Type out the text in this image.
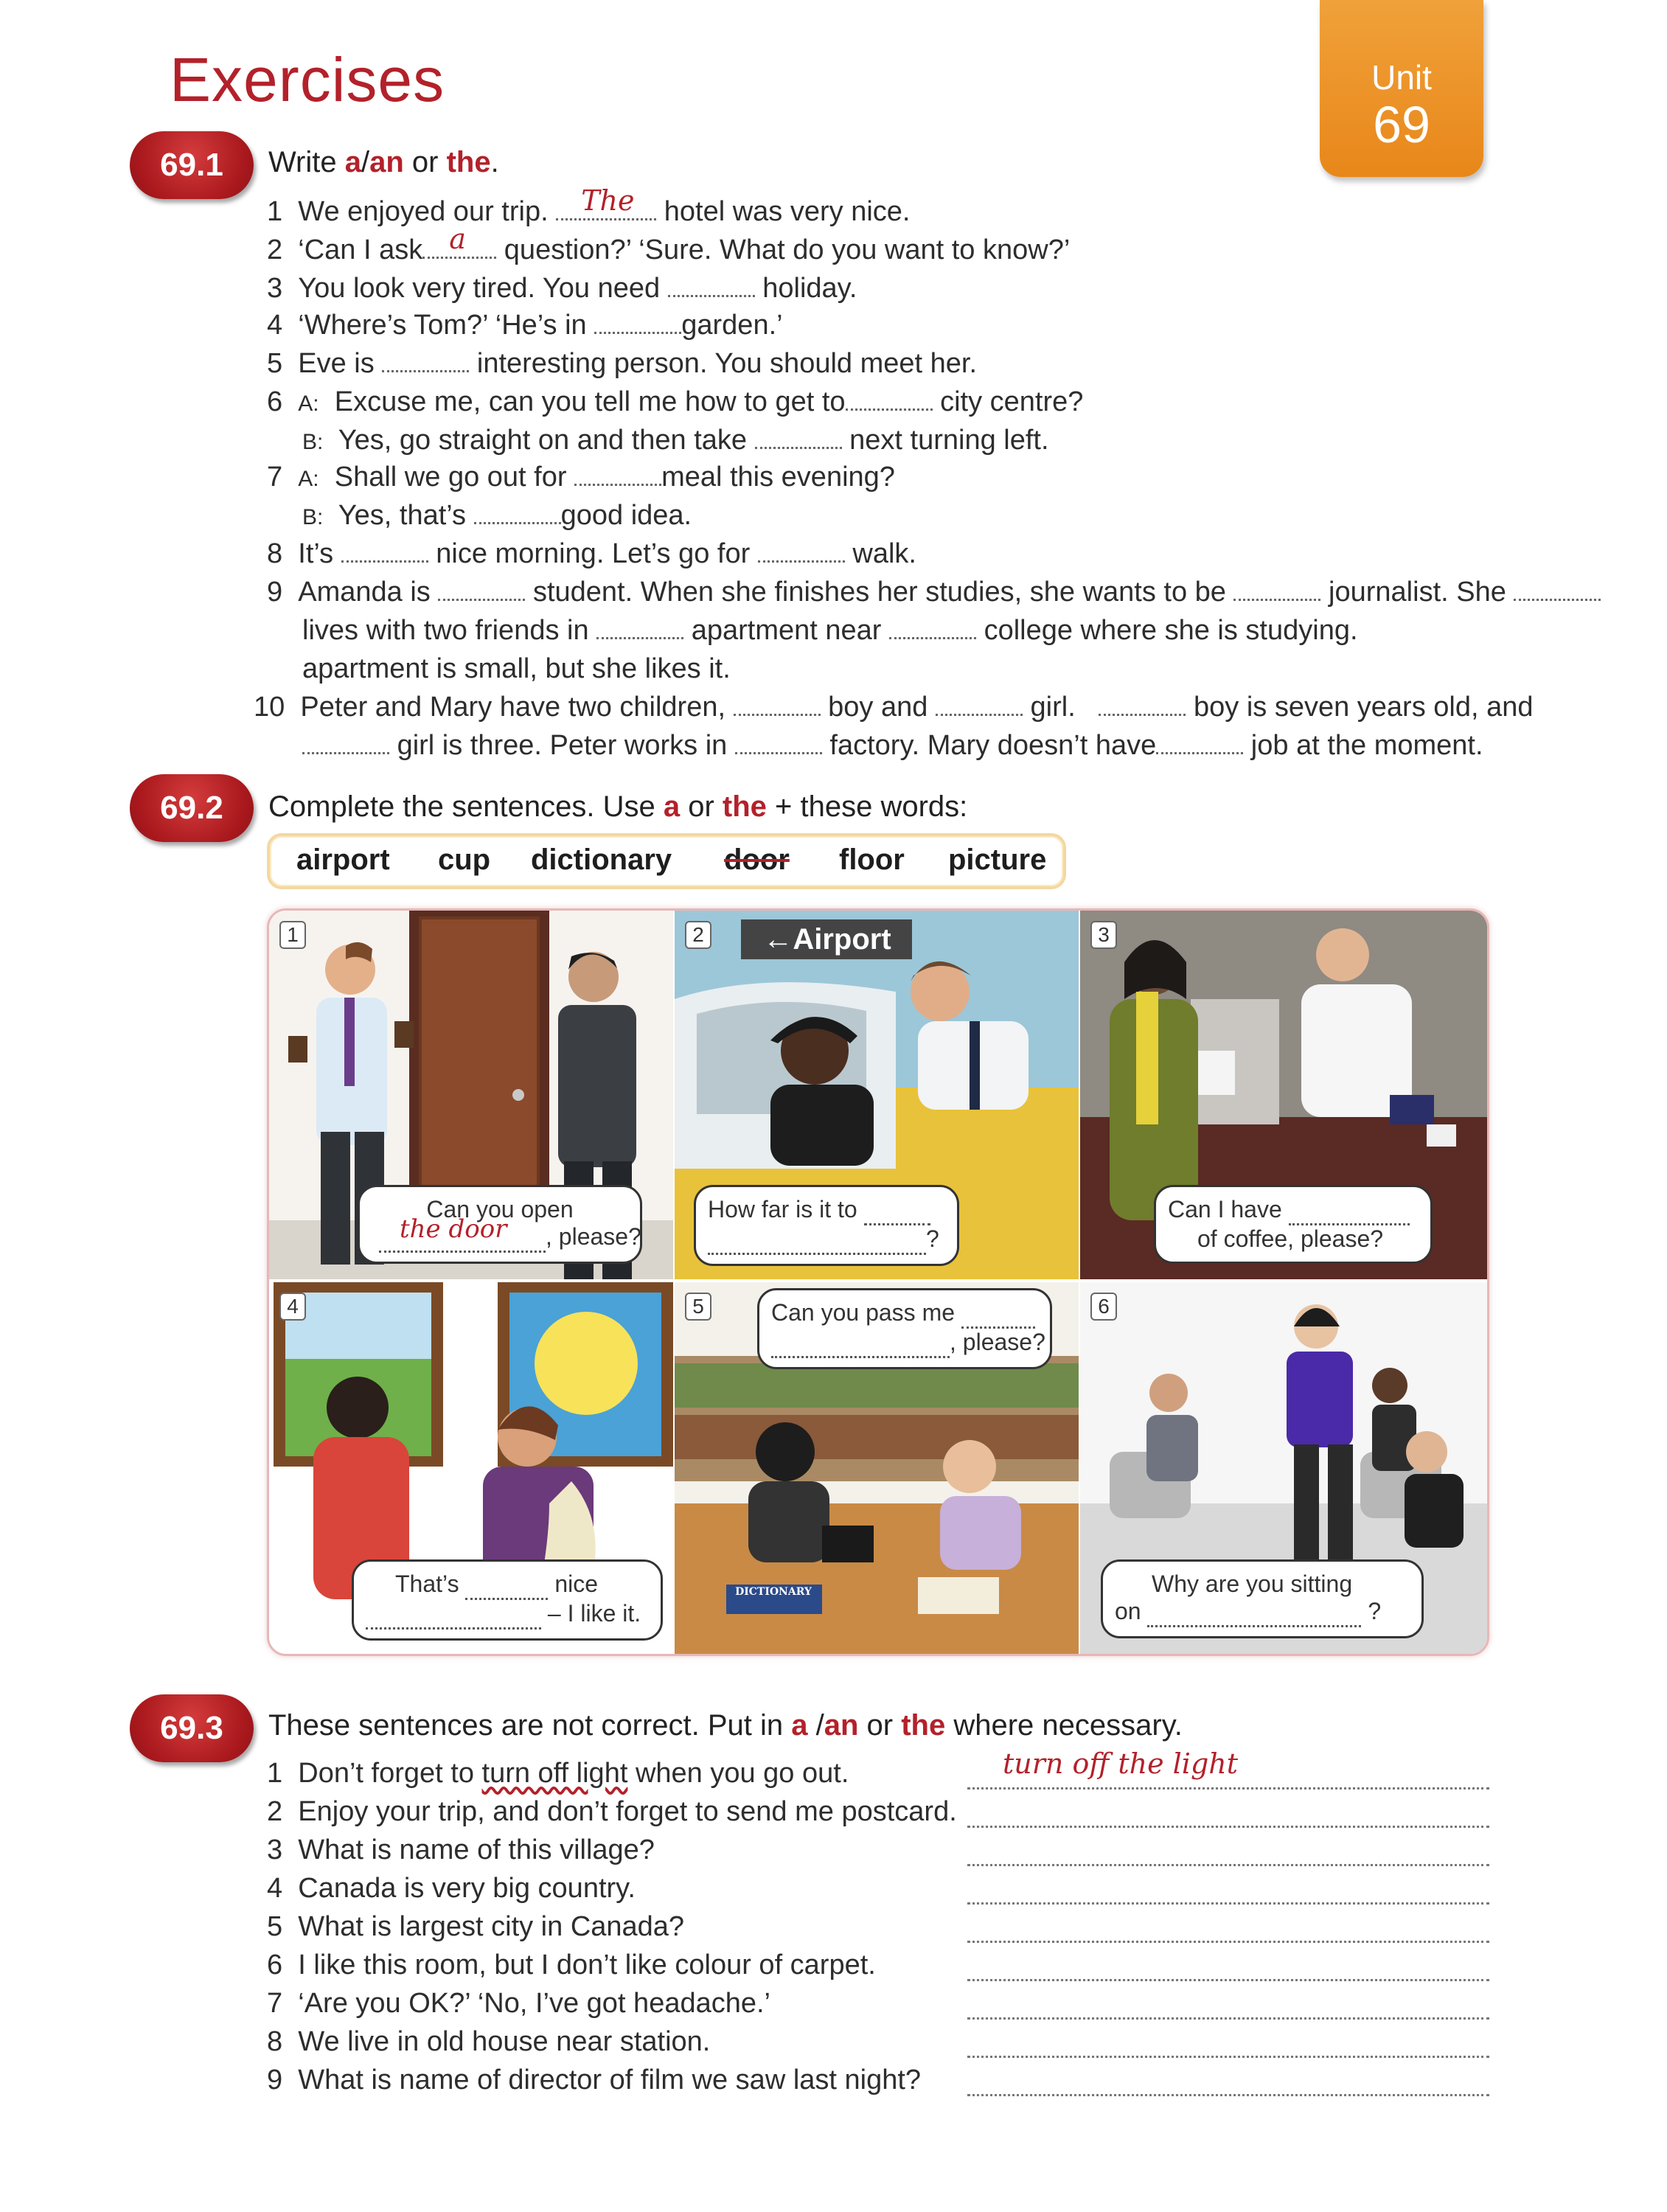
Exercises	Unit
69
69.1	Write a/an or the.
1 We enjoyed our trip. The hotel was very nice.
2 ‘Can I ask a question?’ ‘Sure. What do you want to know?’
3 You look very tired. You need	holiday.
4 ‘Where’s Tom?’ ‘He’s in	garden.’
5 Eve is	interesting person. You should meet her.
6 A: Excuse me, can you tell me how to get to	city centre?
B: Yes, go straight on and then take	next turning left.
7 A: Shall we go out for	meal this evening?
B: Yes, that’s	good idea.
8 It’s	nice morning. Let’s go for	walk.
9 Amanda is	student. When she finishes her studies, she wants to be	journalist. She
lives with two friends in	apartment near	college where she is studying.
apartment is small, but she likes it.
10 Peter and Mary have two children,	boy and	girl.	boy is seven years old, and
girl is three. Peter works in	factory. Mary doesn’t have	job at the moment.
69.2	Complete the sentences. Use a or the + these words:
airport cup dictionary door floor picture
1
Can you open
the door , please?
2	←Airport
How far is it to
?
3
Can I have
of coffee, please?
4
That’s	nice
– I like it.
5
DICTIONARY
Can you pass me
, please?
6
Why are you sitting
on	?
69.3	These sentences are not correct. Put in a /an or the where necessary.
1 Don’t forget to turn off light when you go out.	turn off the light
2 Enjoy your trip, and don’t forget to send me postcard.
3 What is name of this village?
4 Canada is very big country.
5 What is largest city in Canada?
6 I like this room, but I don’t like colour of carpet.
7 ‘Are you OK?’ ‘No, I’ve got headache.’
8 We live in old house near station.
9 What is name of director of film we saw last night?
